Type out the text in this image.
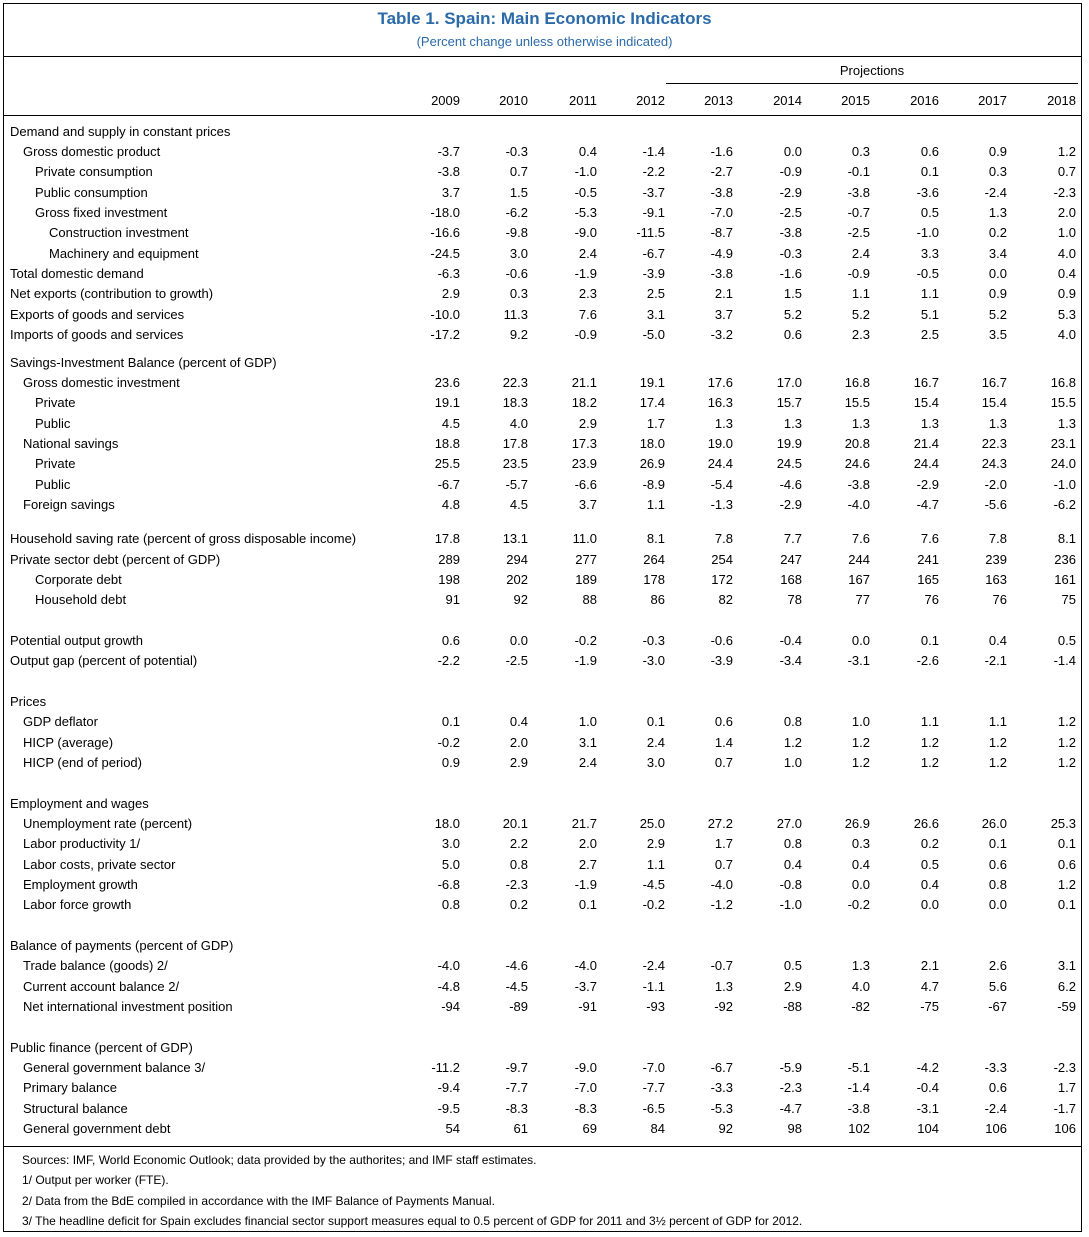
Table 1. Spain: Main Economic Indicators
(Percent change unless otherwise indicated)
Projections
2009	2010	2011	2012	2013	2014	2015	2016	2017	2018
Demand and supply in constant prices
Gross domestic product	-3.7	-0.3	0.4	-1.4	-1.6	0.0	0.3	0.6	0.9	1.2
Private consumption	-3.8	0.7	-1.0	-2.2	-2.7	-0.9	-0.1	0.1	0.3	0.7
Public consumption	3.7	1.5	-0.5	-3.7	-3.8	-2.9	-3.8	-3.6	-2.4	-2.3
Gross fixed investment	-18.0	-6.2	-5.3	-9.1	-7.0	-2.5	-0.7	0.5	1.3	2.0
Construction investment	-16.6	-9.8	-9.0	-11.5	-8.7	-3.8	-2.5	-1.0	0.2	1.0
Machinery and equipment	-24.5	3.0	2.4	-6.7	-4.9	-0.3	2.4	3.3	3.4	4.0
Total domestic demand	-6.3	-0.6	-1.9	-3.9	-3.8	-1.6	-0.9	-0.5	0.0	0.4
Net exports (contribution to growth)	2.9	0.3	2.3	2.5	2.1	1.5	1.1	1.1	0.9	0.9
Exports of goods and services	-10.0	11.3	7.6	3.1	3.7	5.2	5.2	5.1	5.2	5.3
Imports of goods and services	-17.2	9.2	-0.9	-5.0	-3.2	0.6	2.3	2.5	3.5	4.0
Savings-Investment Balance (percent of GDP)
Gross domestic investment	23.6	22.3	21.1	19.1	17.6	17.0	16.8	16.7	16.7	16.8
Private	19.1	18.3	18.2	17.4	16.3	15.7	15.5	15.4	15.4	15.5
Public	4.5	4.0	2.9	1.7	1.3	1.3	1.3	1.3	1.3	1.3
National savings	18.8	17.8	17.3	18.0	19.0	19.9	20.8	21.4	22.3	23.1
Private	25.5	23.5	23.9	26.9	24.4	24.5	24.6	24.4	24.3	24.0
Public	-6.7	-5.7	-6.6	-8.9	-5.4	-4.6	-3.8	-2.9	-2.0	-1.0
Foreign savings	4.8	4.5	3.7	1.1	-1.3	-2.9	-4.0	-4.7	-5.6	-6.2
Household saving rate (percent of gross disposable income)	17.8	13.1	11.0	8.1	7.8	7.7	7.6	7.6	7.8	8.1
Private sector debt (percent of GDP)	289	294	277	264	254	247	244	241	239	236
Corporate debt	198	202	189	178	172	168	167	165	163	161
Household debt	91	92	88	86	82	78	77	76	76	75
Potential output growth	0.6	0.0	-0.2	-0.3	-0.6	-0.4	0.0	0.1	0.4	0.5
Output gap (percent of potential)	-2.2	-2.5	-1.9	-3.0	-3.9	-3.4	-3.1	-2.6	-2.1	-1.4
Prices
GDP deflator	0.1	0.4	1.0	0.1	0.6	0.8	1.0	1.1	1.1	1.2
HICP (average)	-0.2	2.0	3.1	2.4	1.4	1.2	1.2	1.2	1.2	1.2
HICP (end of period)	0.9	2.9	2.4	3.0	0.7	1.0	1.2	1.2	1.2	1.2
Employment and wages
Unemployment rate (percent)	18.0	20.1	21.7	25.0	27.2	27.0	26.9	26.6	26.0	25.3
Labor productivity 1/	3.0	2.2	2.0	2.9	1.7	0.8	0.3	0.2	0.1	0.1
Labor costs, private sector	5.0	0.8	2.7	1.1	0.7	0.4	0.4	0.5	0.6	0.6
Employment growth	-6.8	-2.3	-1.9	-4.5	-4.0	-0.8	0.0	0.4	0.8	1.2
Labor force growth	0.8	0.2	0.1	-0.2	-1.2	-1.0	-0.2	0.0	0.0	0.1
Balance of payments (percent of GDP)
Trade balance (goods) 2/	-4.0	-4.6	-4.0	-2.4	-0.7	0.5	1.3	2.1	2.6	3.1
Current account balance 2/	-4.8	-4.5	-3.7	-1.1	1.3	2.9	4.0	4.7	5.6	6.2
Net international investment position	-94	-89	-91	-93	-92	-88	-82	-75	-67	-59
Public finance (percent of GDP)
General government balance 3/	-11.2	-9.7	-9.0	-7.0	-6.7	-5.9	-5.1	-4.2	-3.3	-2.3
Primary balance	-9.4	-7.7	-7.0	-7.7	-3.3	-2.3	-1.4	-0.4	0.6	1.7
Structural balance	-9.5	-8.3	-8.3	-6.5	-5.3	-4.7	-3.8	-3.1	-2.4	-1.7
General government debt	54	61	69	84	92	98	102	104	106	106
Sources: IMF, World Economic Outlook; data provided by the authorites; and IMF staff estimates.
1/ Output per worker (FTE).
2/ Data from the BdE compiled in accordance with the IMF Balance of Payments Manual.
3/ The headline deficit for Spain excludes financial sector support measures equal to 0.5 percent of GDP for 2011 and 3½ percent of GDP for 2012.
